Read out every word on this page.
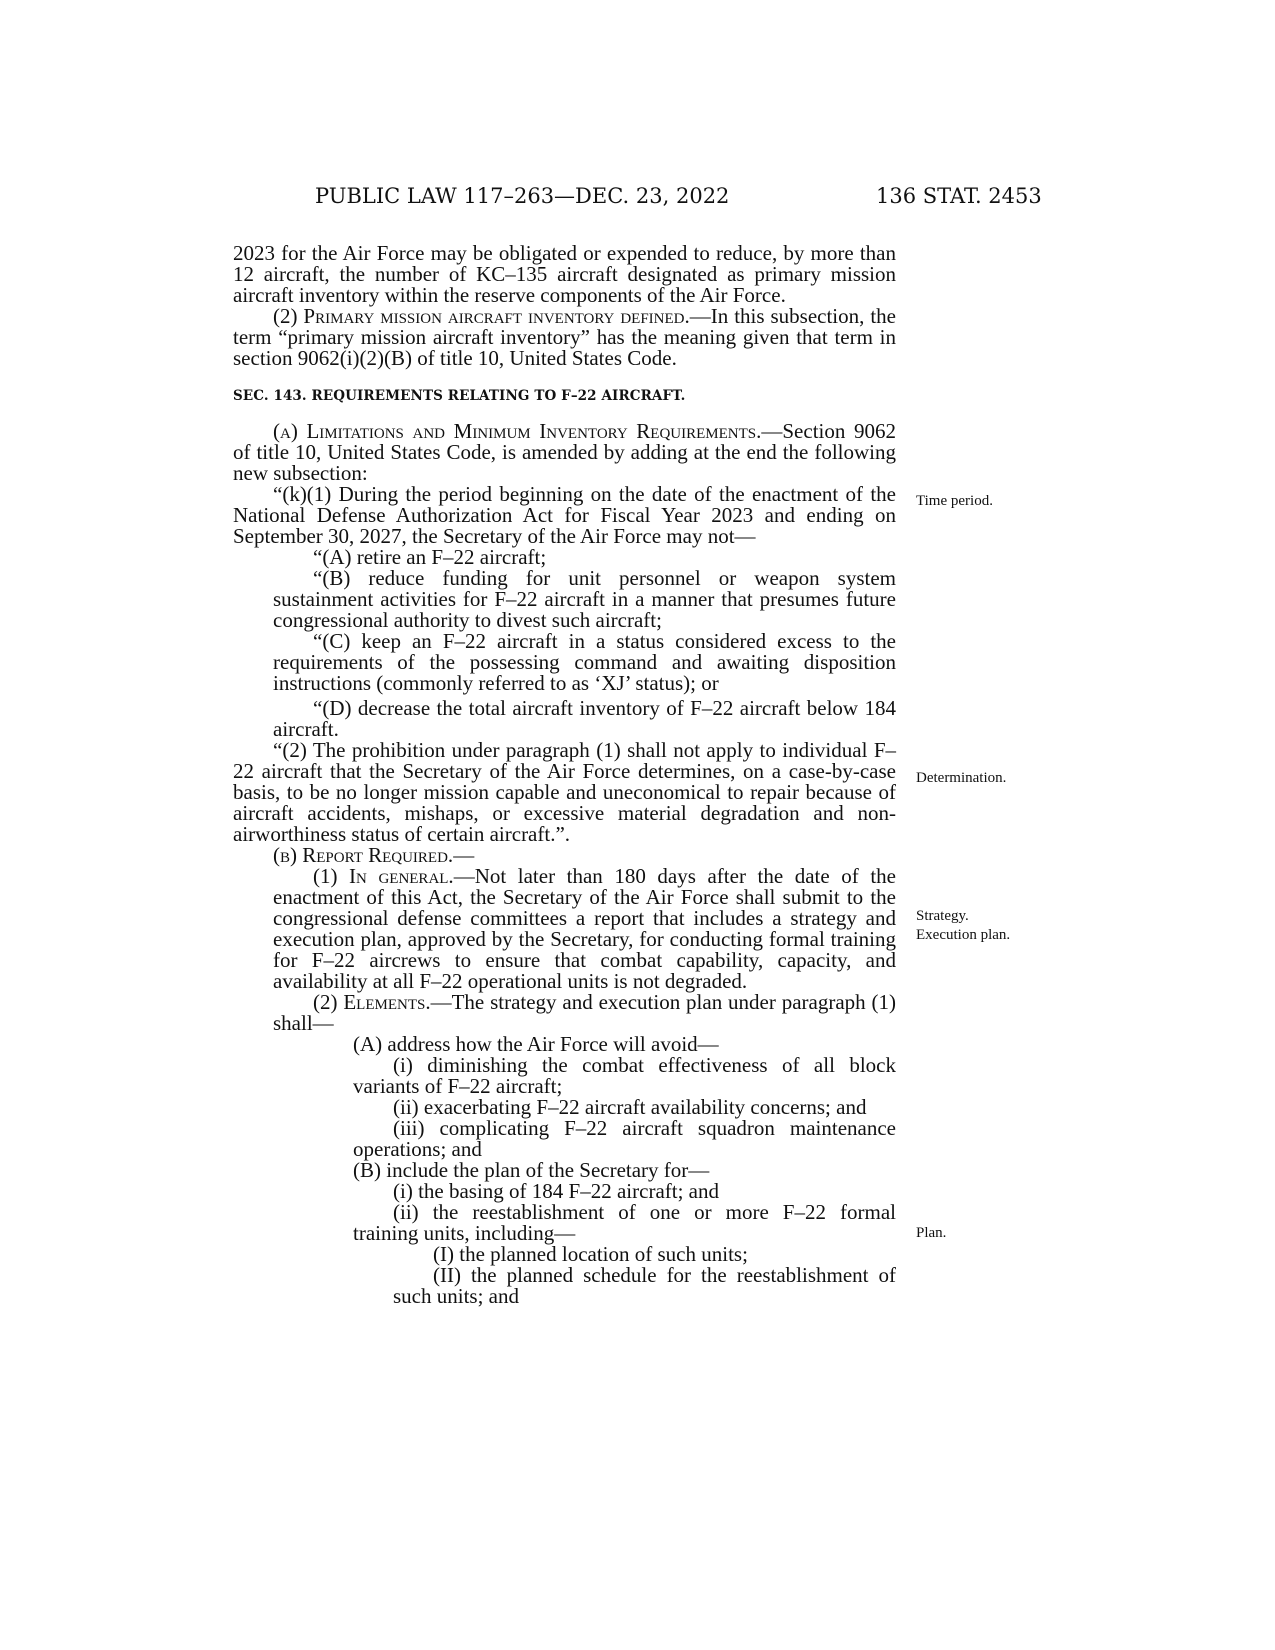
PUBLIC LAW 117–263—DEC. 23, 2022	136 STAT. 2453

2023 for the Air Force may be obligated or expended to reduce, by more than 12 aircraft, the number of KC–135 aircraft designated as primary mission aircraft inventory within the reserve components of the Air Force.

(2) Primary mission aircraft inventory defined.—In this subsection, the term “primary mission aircraft inventory” has the meaning given that term in section 9062(i)(2)(B) of title 10, United States Code.

SEC. 143. REQUIREMENTS RELATING TO F–22 AIRCRAFT.

(a) Limitations and Minimum Inventory Requirements.—Section 9062 of title 10, United States Code, is amended by adding at the end the following new subsection:

“(k)(1) During the period beginning on the date of the enactment of the National Defense Authorization Act for Fiscal Year 2023 and ending on September 30, 2027, the Secretary of the Air Force may not—

“(A) retire an F–22 aircraft;

“(B) reduce funding for unit personnel or weapon system sustainment activities for F–22 aircraft in a manner that presumes future congressional authority to divest such aircraft;

“(C) keep an F–22 aircraft in a status considered excess to the requirements of the possessing command and awaiting disposition instructions (commonly referred to as ‘XJ’ status); or

“(D) decrease the total aircraft inventory of F–22 aircraft below 184 aircraft.

“(2) The prohibition under paragraph (1) shall not apply to individual F–22 aircraft that the Secretary of the Air Force determines, on a case-by-case basis, to be no longer mission capable and uneconomical to repair because of aircraft accidents, mishaps, or excessive material degradation and non-airworthiness status of certain aircraft.”.

(b) Report Required.—

(1) In general.—Not later than 180 days after the date of the enactment of this Act, the Secretary of the Air Force shall submit to the congressional defense committees a report that includes a strategy and execution plan, approved by the Secretary, for conducting formal training for F–22 aircrews to ensure that combat capability, capacity, and availability at all F–22 operational units is not degraded.

(2) Elements.—The strategy and execution plan under paragraph (1) shall—

(A) address how the Air Force will avoid—

(i) diminishing the combat effectiveness of all block variants of F–22 aircraft;

(ii) exacerbating F–22 aircraft availability concerns; and

(iii) complicating F–22 aircraft squadron maintenance operations; and

(B) include the plan of the Secretary for—

(i) the basing of 184 F–22 aircraft; and

(ii) the reestablishment of one or more F–22 formal training units, including—

(I) the planned location of such units;

(II) the planned schedule for the reestablishment of such units; and

Time period.
Determination.
Strategy.
Execution plan.
Plan.
